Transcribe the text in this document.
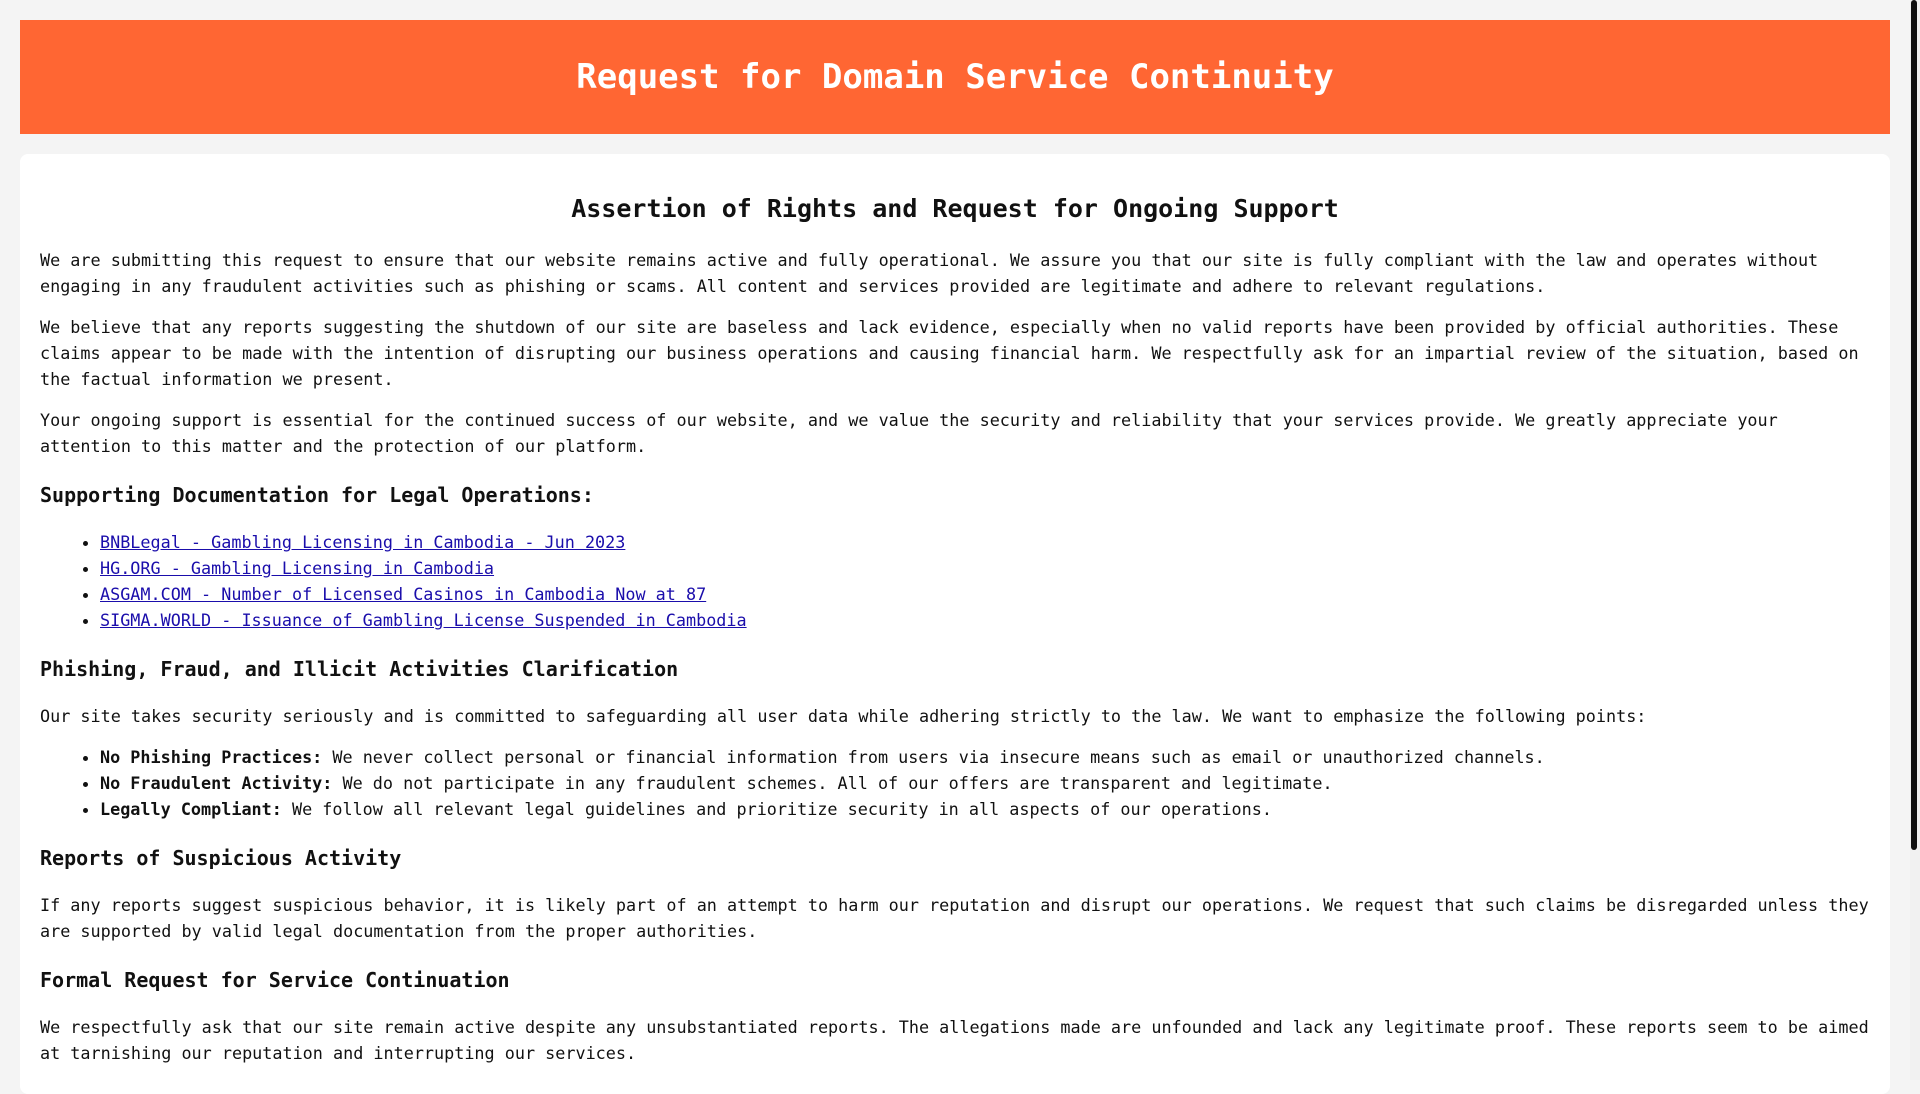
Request for Domain Service Continuity
Assertion of Rights and Request for Ongoing Support

We are submitting this request to ensure that our website remains active and fully operational. We assure you that our site is fully compliant with the law and operates without engaging in any fraudulent activities such as phishing or scams. All content and services provided are legitimate and adhere to relevant regulations.

We believe that any reports suggesting the shutdown of our site are baseless and lack evidence, especially when no valid reports have been provided by official authorities. These claims appear to be made with the intention of disrupting our business operations and causing financial harm. We respectfully ask for an impartial review of the situation, based on the factual information we present.

Your ongoing support is essential for the continued success of our website, and we value the security and reliability that your services provide. We greatly appreciate your attention to this matter and the protection of our platform.

Supporting Documentation for Legal Operations:
• BNBLegal - Gambling Licensing in Cambodia - Jun 2023
• HG.ORG - Gambling Licensing in Cambodia
• ASGAM.COM - Number of Licensed Casinos in Cambodia Now at 87
• SIGMA.WORLD - Issuance of Gambling License Suspended in Cambodia
Phishing, Fraud, and Illicit Activities Clarification

Our site takes security seriously and is committed to safeguarding all user data while adhering strictly to the law. We want to emphasize the following points:

• No Phishing Practices: We never collect personal or financial information from users via insecure means such as email or unauthorized channels.
• No Fraudulent Activity: We do not participate in any fraudulent schemes. All of our offers are transparent and legitimate.
• Legally Compliant: We follow all relevant legal guidelines and prioritize security in all aspects of our operations.
Reports of Suspicious Activity

If any reports suggest suspicious behavior, it is likely part of an attempt to harm our reputation and disrupt our operations. We request that such claims be disregarded unless they are supported by valid legal documentation from the proper authorities.

Formal Request for Service Continuation

We respectfully ask that our site remain active despite any unsubstantiated reports. The allegations made are unfounded and lack any legitimate proof. These reports seem to be aimed at tarnishing our reputation and interrupting our services.
